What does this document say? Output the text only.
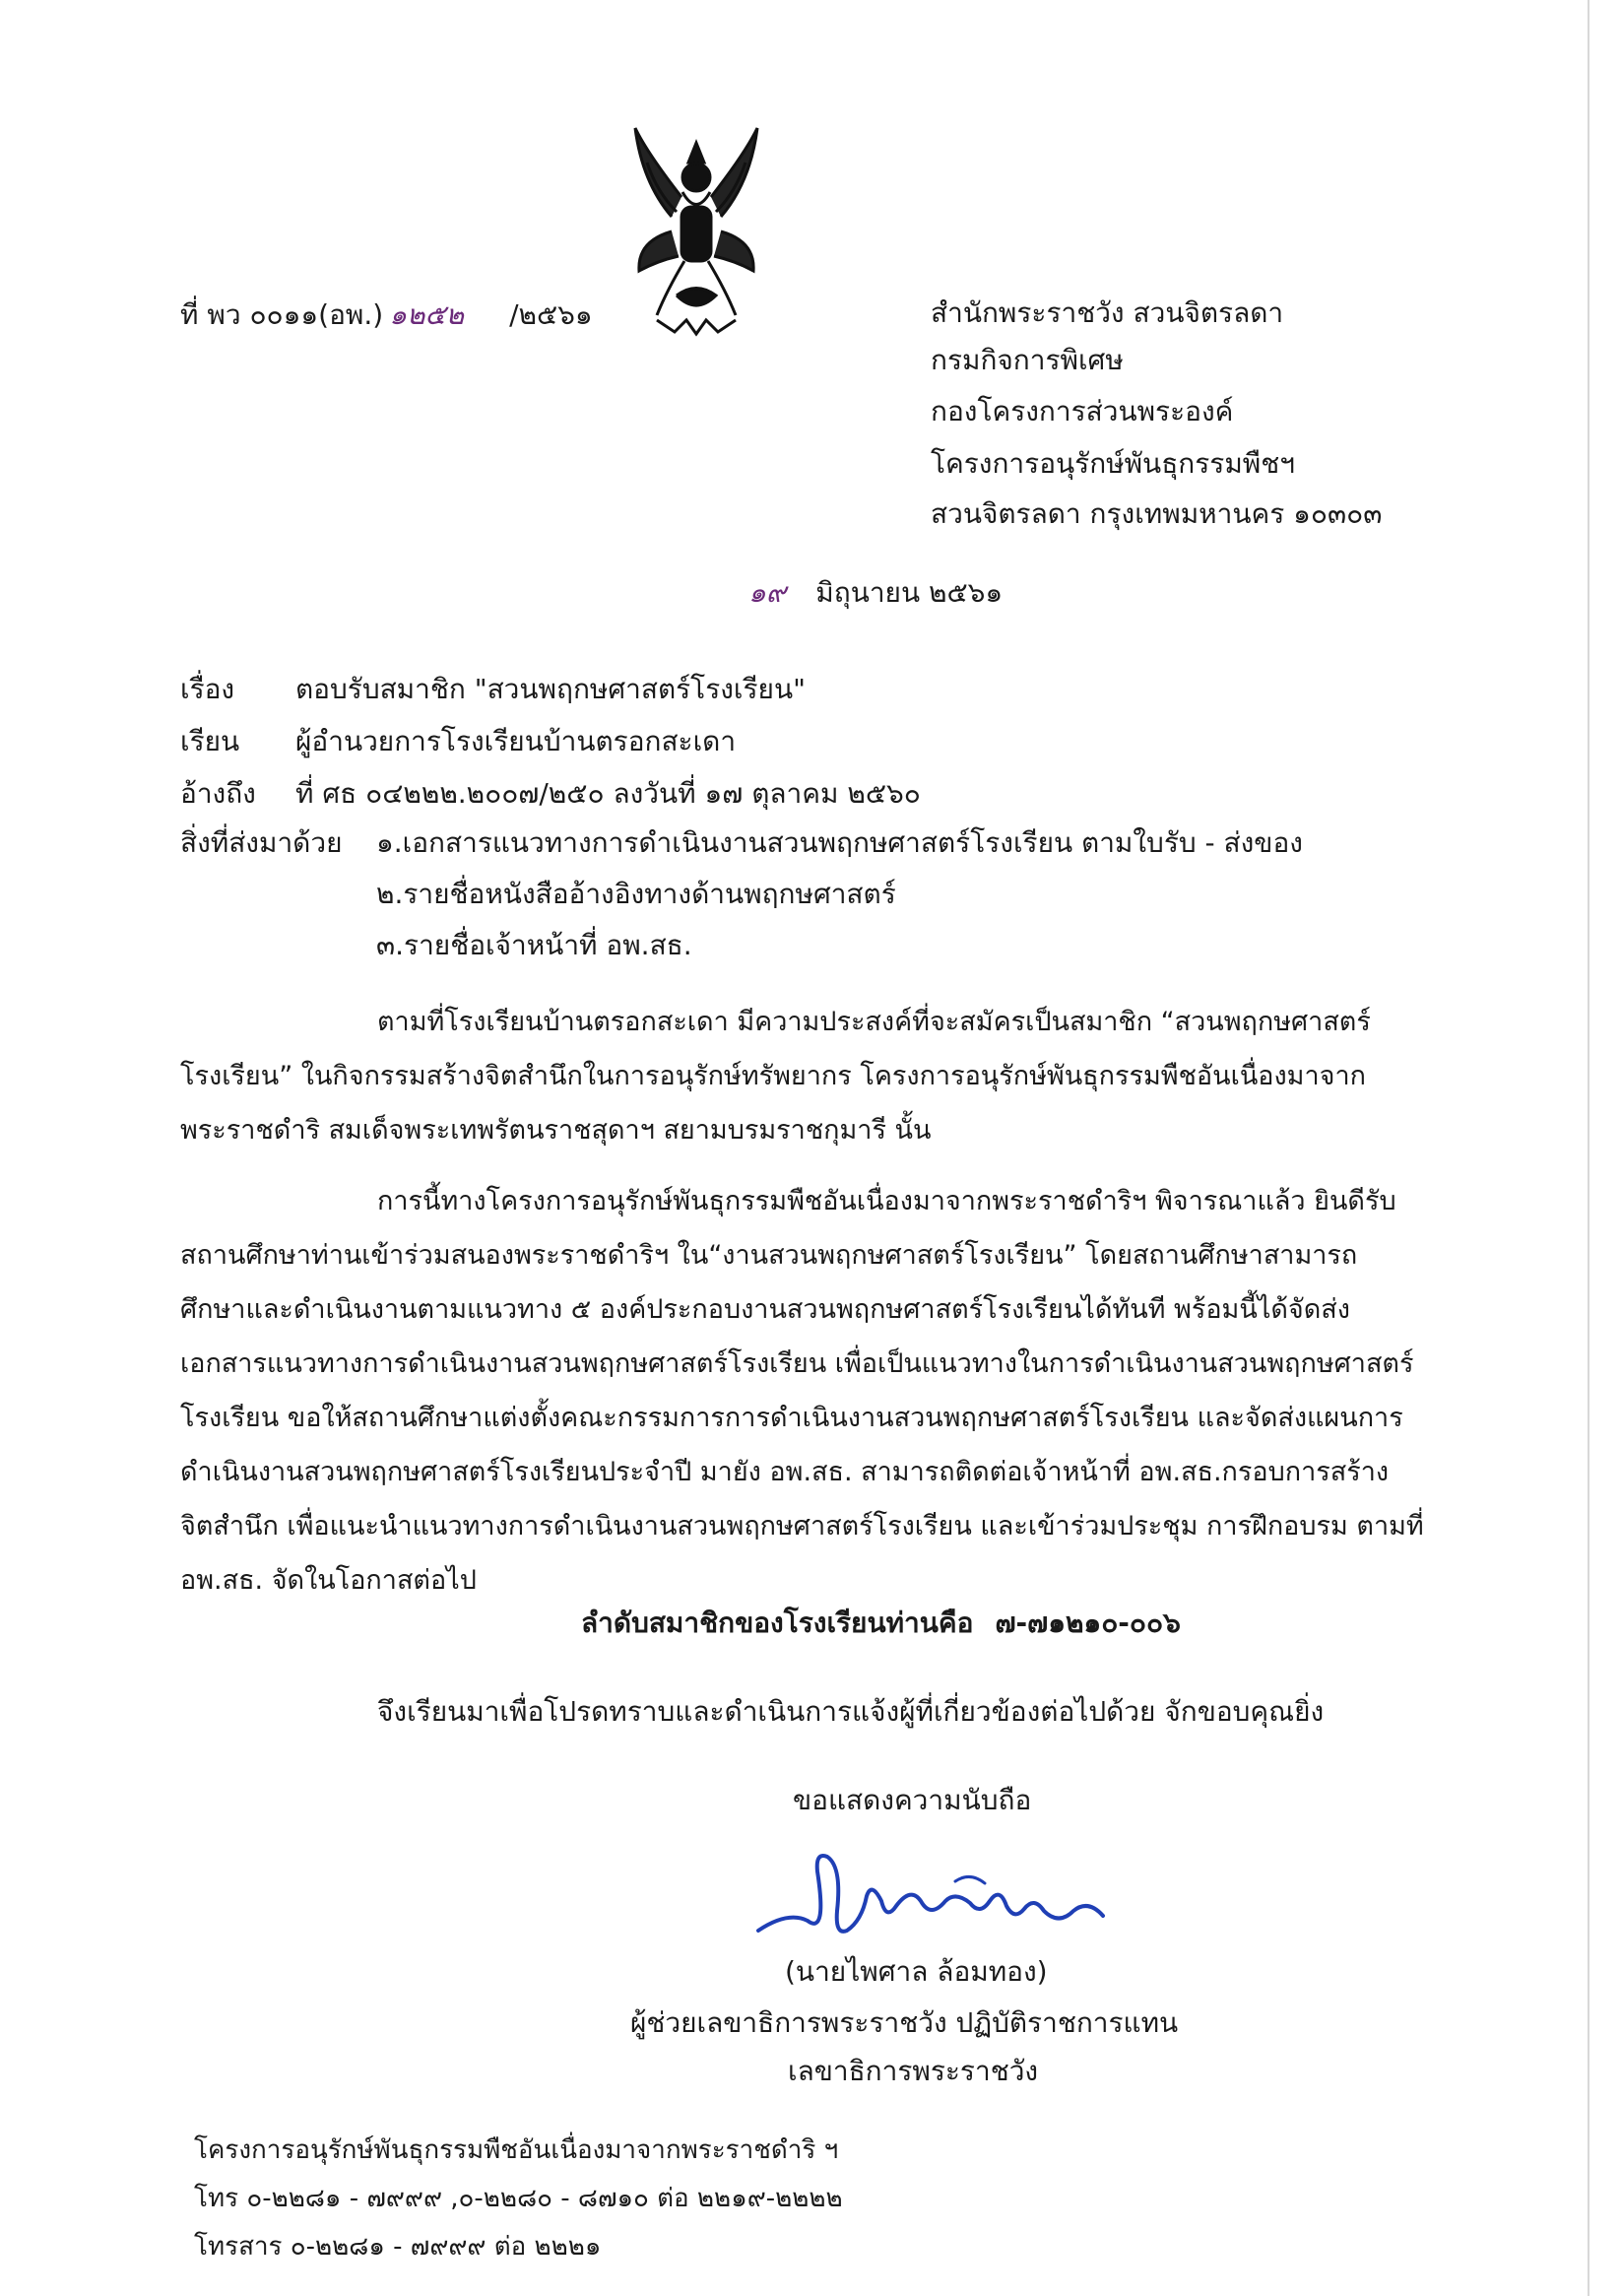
ที่ พว ๐๐๑๑(อพ.) ๑๒๕๒ /๒๕๖๑	สำนักพระราชวัง สวนจิตรลดา
กรมกิจการพิเศษ
กองโครงการส่วนพระองค์
โครงการอนุรักษ์พันธุกรรมพืชฯ
สวนจิตรลดา กรุงเทพมหานคร ๑๐๓๐๓
๑๙ มิถุนายน ๒๕๖๑
เรื่อง ตอบรับสมาชิก "สวนพฤกษศาสตร์โรงเรียน"
เรียน ผู้อำนวยการโรงเรียนบ้านตรอกสะเดา
อ้างถึง ที่ ศธ ๐๔๒๒๒.๒๐๐๗/๒๕๐ ลงวันที่ ๑๗ ตุลาคม ๒๕๖๐
สิ่งที่ส่งมาด้วย ๑.เอกสารแนวทางการดำเนินงานสวนพฤกษศาสตร์โรงเรียน ตามใบรับ - ส่งของ
๒.รายชื่อหนังสืออ้างอิงทางด้านพฤกษศาสตร์
๓.รายชื่อเจ้าหน้าที่ อพ.สธ.

ตามที่โรงเรียนบ้านตรอกสะเดา มีความประสงค์ที่จะสมัครเป็นสมาชิก “สวนพฤกษศาสตร์

โรงเรียน” ในกิจกรรมสร้างจิตสำนึกในการอนุรักษ์ทรัพยากร โครงการอนุรักษ์พันธุกรรมพืชอันเนื่องมาจาก

พระราชดำริ สมเด็จพระเทพรัตนราชสุดาฯ สยามบรมราชกุมารี นั้น

การนี้ทางโครงการอนุรักษ์พันธุกรรมพืชอันเนื่องมาจากพระราชดำริฯ พิจารณาแล้ว ยินดีรับ

สถานศึกษาท่านเข้าร่วมสนองพระราชดำริฯ ใน“งานสวนพฤกษศาสตร์โรงเรียน” โดยสถานศึกษาสามารถ

ศึกษาและดำเนินงานตามแนวทาง ๕ องค์ประกอบงานสวนพฤกษศาสตร์โรงเรียนได้ทันที พร้อมนี้ได้จัดส่ง

เอกสารแนวทางการดำเนินงานสวนพฤกษศาสตร์โรงเรียน เพื่อเป็นแนวทางในการดำเนินงานสวนพฤกษศาสตร์

โรงเรียน ขอให้สถานศึกษาแต่งตั้งคณะกรรมการการดำเนินงานสวนพฤกษศาสตร์โรงเรียน และจัดส่งแผนการ

ดำเนินงานสวนพฤกษศาสตร์โรงเรียนประจำปี มายัง อพ.สธ. สามารถติดต่อเจ้าหน้าที่ อพ.สธ.กรอบการสร้าง

จิตสำนึก เพื่อแนะนำแนวทางการดำเนินงานสวนพฤกษศาสตร์โรงเรียน และเข้าร่วมประชุม การฝึกอบรม ตามที่

อพ.สธ. จัดในโอกาสต่อไป

ลำดับสมาชิกของโรงเรียนท่านคือ ๗-๗๑๒๑๐-๐๐๖
จึงเรียนมาเพื่อโปรดทราบและดำเนินการแจ้งผู้ที่เกี่ยวข้องต่อไปด้วย จักขอบคุณยิ่ง
ขอแสดงความนับถือ
(นายไพศาล ล้อมทอง)
ผู้ช่วยเลขาธิการพระราชวัง ปฏิบัติราชการแทน
เลขาธิการพระราชวัง
โครงการอนุรักษ์พันธุกรรมพืชอันเนื่องมาจากพระราชดำริ ฯ
โทร ๐-๒๒๘๑ - ๗๙๙๙ ,๐-๒๒๘๐ - ๘๗๑๐ ต่อ ๒๒๑๙-๒๒๒๒
โทรสาร ๐-๒๒๘๑ - ๗๙๙๙ ต่อ ๒๒๒๑
